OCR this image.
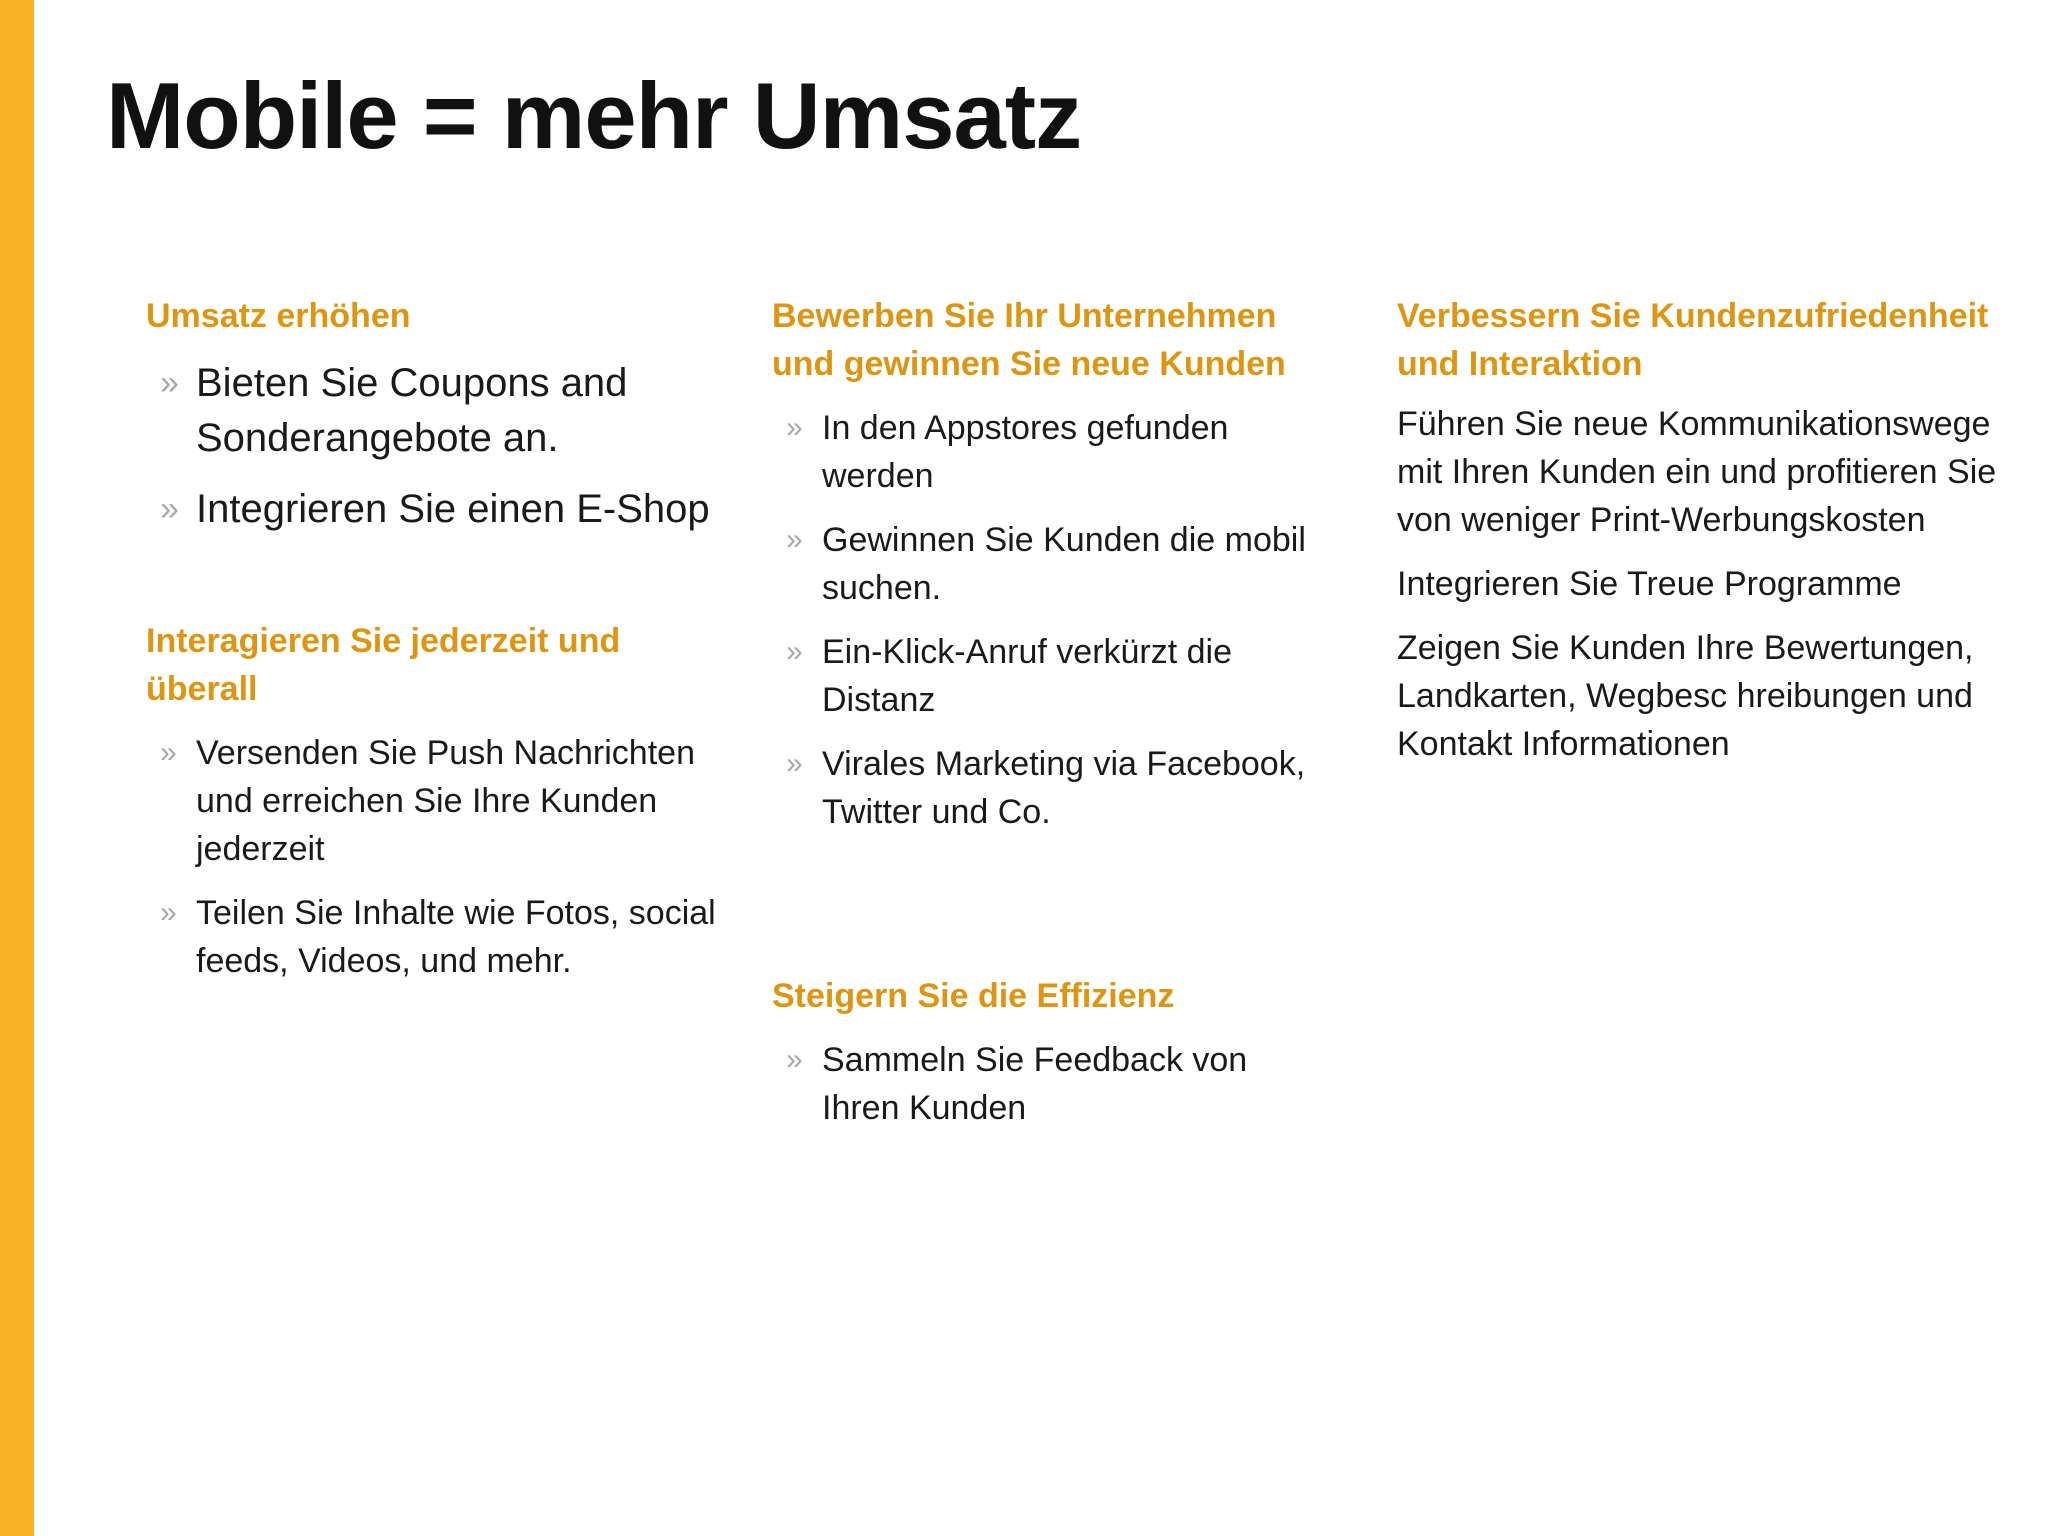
Mobile = mehr Umsatz
Umsatz erhöhen
» Bieten Sie Coupons and Sonderangebote an.
» Integrieren Sie einen E-Shop
Interagieren Sie jederzeit und überall
» Versenden Sie Push Nachrichten und erreichen Sie Ihre Kunden jederzeit
» Teilen Sie Inhalte wie Fotos, social feeds, Videos, und mehr.
Bewerben Sie Ihr Unternehmen und gewinnen Sie neue Kunden
» In den Appstores gefunden werden
» Gewinnen Sie Kunden die mobil suchen.
» Ein-Klick-Anruf verkürzt die Distanz
» Virales Marketing via Facebook, Twitter und Co.
Steigern Sie die Effizienz
» Sammeln Sie Feedback von Ihren Kunden
Verbessern Sie Kundenzufriedenheit und Interaktion

Führen Sie neue Kommunikationswege mit Ihren Kunden ein und profitieren Sie von weniger Print-Werbungskosten

Integrieren Sie Treue Programme

Zeigen Sie Kunden Ihre Bewertungen, Landkarten, Wegbesc hreibungen und Kontakt Informationen
